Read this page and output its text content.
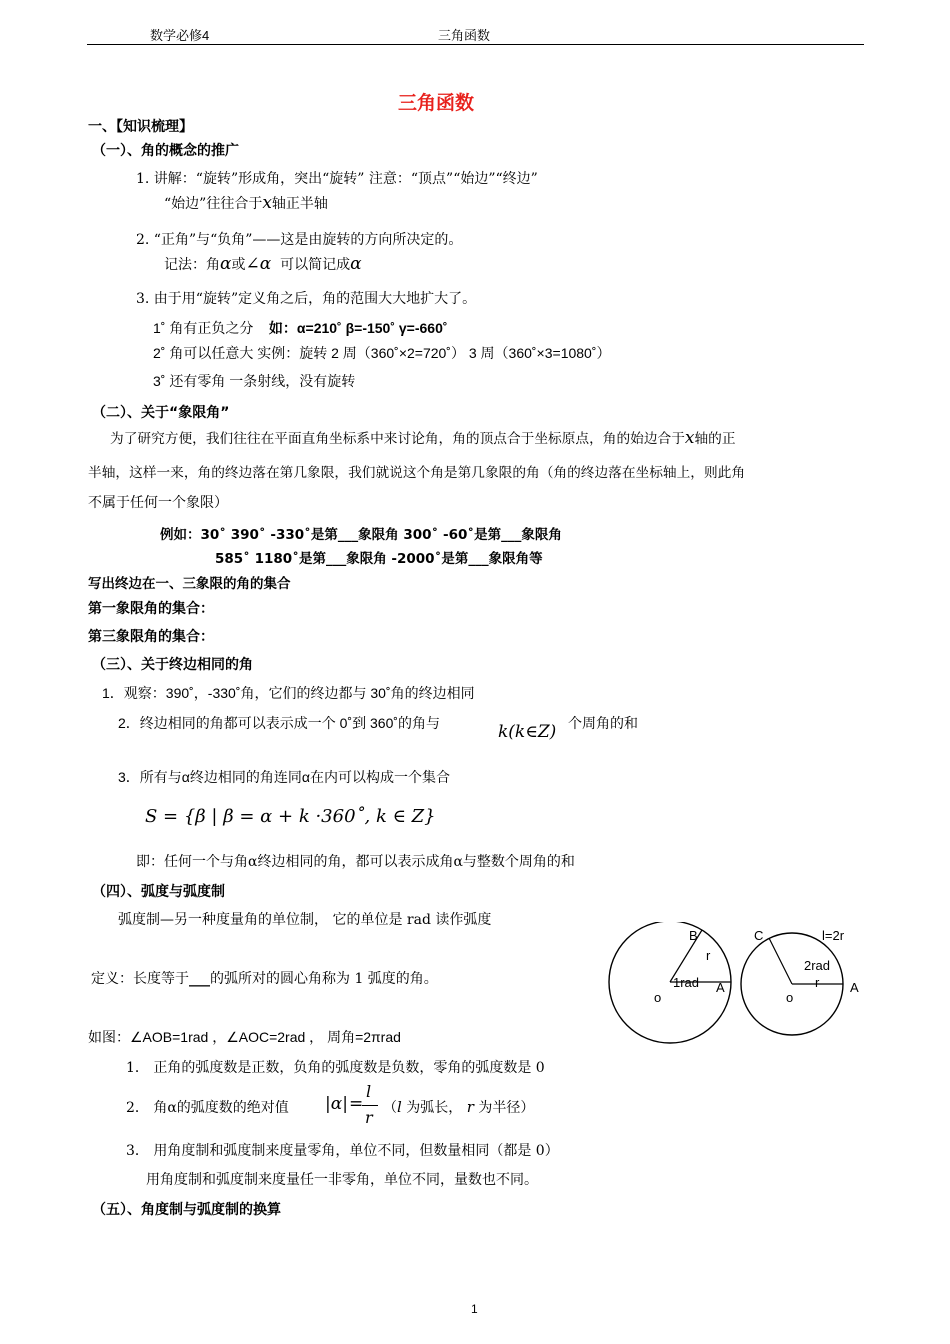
数学必修4	三角函数
三角函数
一、【知识梳理】
（一）、角的概念的推广
1. 讲解：“旋转”形成角，突出“旋转” 注意：“顶点”“始边”“终边”
“始边”往往合于x轴正半轴
2. “正角”与“负角”——这是由旋转的方向所决定的。
记法：角α或∠α 可以简记成α
3. 由于用“旋转”定义角之后，角的范围大大地扩大了。
1˚ 角有正负之分 如：α=210˚ β=-150˚ γ=-660˚
2˚ 角可以任意大 实例：旋转 2 周（360˚×2=720˚） 3 周（360˚×3=1080˚）
3˚ 还有零角 一条射线，没有旋转
（二）、关于“象限角”
为了研究方便，我们往往在平面直角坐标系中来讨论角，角的顶点合于坐标原点，角的始边合于x轴的正
半轴，这样一来，角的终边落在第几象限，我们就说这个角是第几象限的角（角的终边落在坐标轴上，则此角
不属于任何一个象限）
例如：30˚ 390˚ -330˚是第___象限角 300˚ -60˚是第___象限角
585˚ 1180˚是第___象限角 -2000˚是第___象限角等
写出终边在一、三象限的角的集合
第一象限角的集合：
第三象限角的集合：
（三）、关于终边相同的角
1．观察：390˚，-330˚角，它们的终边都与 30˚角的终边相同
2．终边相同的角都可以表示成一个 0˚到 360˚的角与	k(k∈Z) 个周角的和
3．所有与α终边相同的角连同α在内可以构成一个集合
S = {β | β = α + k ·360˚, k ∈ Z}
即：任何一个与角α终边相同的角，都可以表示成角α与整数个周角的和
（四）、弧度与弧度制
弧度制—另一种度量角的单位制， 它的单位是 rad 读作弧度
定义：长度等于___的弧所对的圆心角称为 1 弧度的角。
B
r
1rad A
o
C	l=2r
2rad
r A
o
如图：∠AOB=1rad ，∠AOC=2rad ， 周角=2πrad
1． 正角的弧度数是正数，负角的弧度数是负数，零角的弧度数是 0
2． 角α的弧度数的绝对值 |α| =
l
r （l 为弧长， r 为半径）
3． 用角度制和弧度制来度量零角，单位不同，但数量相同（都是 0）
用角度制和弧度制来度量任一非零角，单位不同，量数也不同。
（五）、角度制与弧度制的换算
1
